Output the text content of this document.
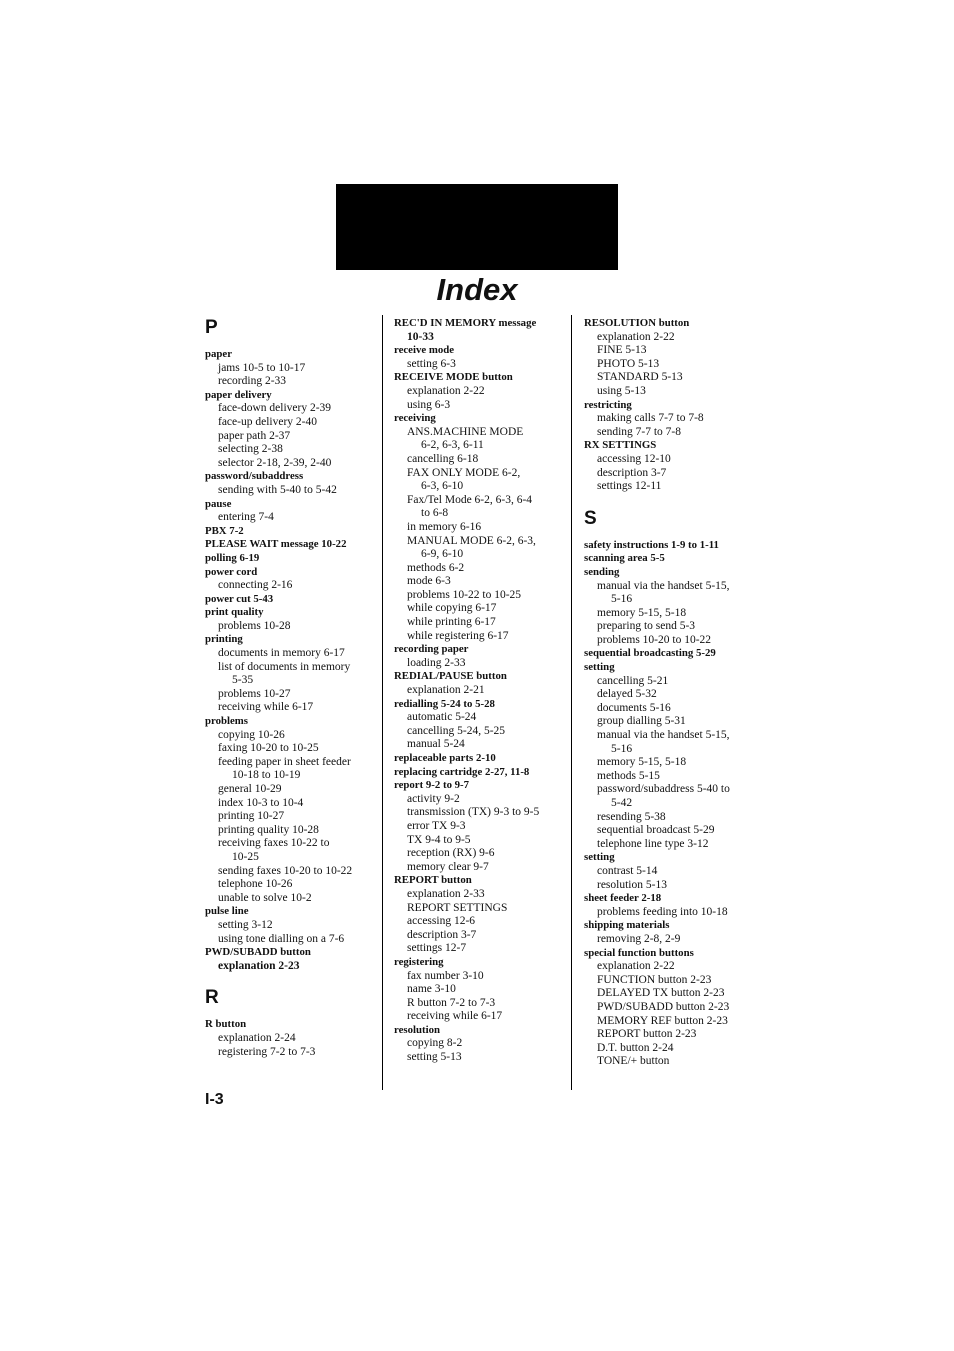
Index
P
paper
jams 10-5 to 10-17
recording 2-33
paper delivery
face-down delivery 2-39
face-up delivery 2-40
paper path 2-37
selecting 2-38
selector 2-18, 2-39, 2-40
password/subaddress
sending with 5-40 to 5-42
pause
entering 7-4
PBX 7-2
PLEASE WAIT message 10-22
polling 6-19
power cord
connecting 2-16
power cut 5-43
print quality
problems 10-28
printing
documents in memory 6-17
list of documents in memory
5-35
problems 10-27
receiving while 6-17
problems
copying 10-26
faxing 10-20 to 10-25
feeding paper in sheet feeder
10-18 to 10-19
general 10-29
index 10-3 to 10-4
printing 10-27
printing quality 10-28
receiving faxes 10-22 to
10-25
sending faxes 10-20 to 10-22
telephone 10-26
unable to solve 10-2
pulse line
setting 3-12
using tone dialling on a 7-6
PWD/SUBADD button
explanation 2-23
R
R button
explanation 2-24
registering 7-2 to 7-3
REC'D IN MEMORY message
10-33
receive mode
setting 6-3
RECEIVE MODE button
explanation 2-22
using 6-3
receiving
ANS.MACHINE MODE
6-2, 6-3, 6-11
cancelling 6-18
FAX ONLY MODE 6-2,
6-3, 6-10
Fax/Tel Mode 6-2, 6-3, 6-4
to 6-8
in memory 6-16
MANUAL MODE 6-2, 6-3,
6-9, 6-10
methods 6-2
mode 6-3
problems 10-22 to 10-25
while copying 6-17
while printing 6-17
while registering 6-17
recording paper
loading 2-33
REDIAL/PAUSE button
explanation 2-21
redialling 5-24 to 5-28
automatic 5-24
cancelling 5-24, 5-25
manual 5-24
replaceable parts 2-10
replacing cartridge 2-27, 11-8
report 9-2 to 9-7
activity 9-2
transmission (TX) 9-3 to 9-5
error TX 9-3
TX 9-4 to 9-5
reception (RX) 9-6
memory clear 9-7
REPORT button
explanation 2-33
REPORT SETTINGS
accessing 12-6
description 3-7
settings 12-7
registering
fax number 3-10
name 3-10
R button 7-2 to 7-3
receiving while 6-17
resolution
copying 8-2
setting 5-13
RESOLUTION button
explanation 2-22
FINE 5-13
PHOTO 5-13
STANDARD 5-13
using 5-13
restricting
making calls 7-7 to 7-8
sending 7-7 to 7-8
RX SETTINGS
accessing 12-10
description 3-7
settings 12-11
S
safety instructions 1-9 to 1-11
scanning area 5-5
sending
manual via the handset 5-15,
5-16
memory 5-15, 5-18
preparing to send 5-3
problems 10-20 to 10-22
sequential broadcasting 5-29
setting
cancelling 5-21
delayed 5-32
documents 5-16
group dialling 5-31
manual via the handset 5-15,
5-16
memory 5-15, 5-18
methods 5-15
password/subaddress 5-40 to
5-42
resending 5-38
sequential broadcast 5-29
telephone line type 3-12
setting
contrast 5-14
resolution 5-13
sheet feeder 2-18
problems feeding into 10-18
shipping materials
removing 2-8, 2-9
special function buttons
explanation 2-22
FUNCTION button 2-23
DELAYED TX button 2-23
PWD/SUBADD button 2-23
MEMORY REF button 2-23
REPORT button 2-23
D.T. button 2-24
TONE/+ button
I-3
